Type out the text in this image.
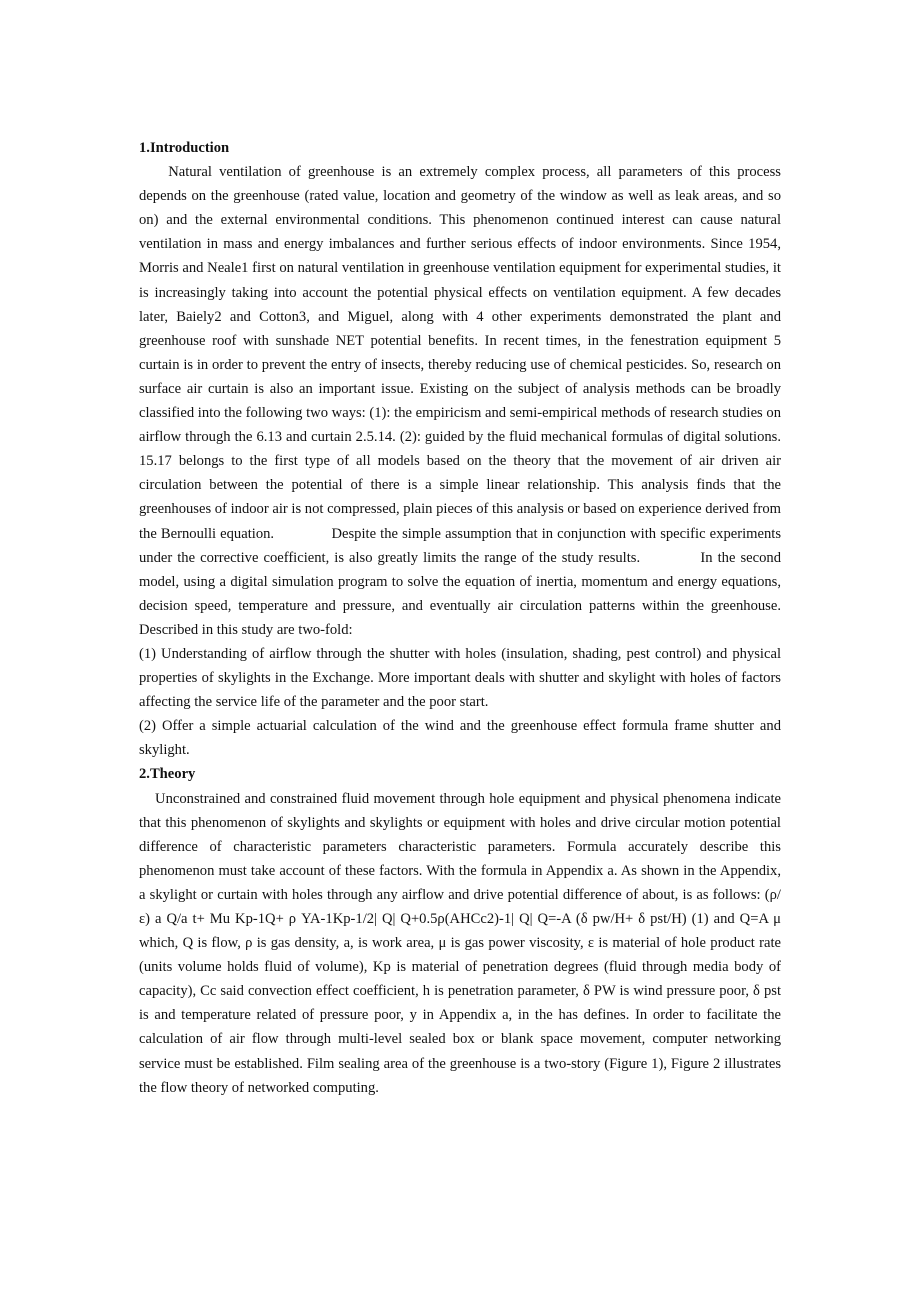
1.Introduction

Natural ventilation of greenhouse is an extremely complex process, all parameters of this process depends on the greenhouse (rated value, location and geometry of the window as well as leak areas, and so on) and the external environmental conditions. This phenomenon continued interest can cause natural ventilation in mass and energy imbalances and further serious effects of indoor environments. Since 1954, Morris and Neale1 first on natural ventilation in greenhouse ventilation equipment for experimental studies, it is increasingly taking into account the potential physical effects on ventilation equipment. A few decades later, Baiely2 and Cotton3, and Miguel, along with 4 other experiments demonstrated the plant and greenhouse roof with sunshade NET potential benefits. In recent times, in the fenestration equipment 5 curtain is in order to prevent the entry of insects, thereby reducing use of chemical pesticides. So, research on surface air curtain is also an important issue. Existing on the subject of analysis methods can be broadly classified into the following two ways: (1): the empiricism and semi-empirical methods of research studies on airflow through the 6.13 and curtain 2.5.14. (2): guided by the fluid mechanical formulas of digital solutions. 15.17 belongs to the first type of all models based on the theory that the movement of air driven air circulation between the potential of there is a simple linear relationship. This analysis finds that the greenhouses of indoor air is not compressed, plain pieces of this analysis or based on experience derived from the Bernoulli equation.              Despite the simple assumption that in conjunction with specific experiments under the corrective coefficient, is also greatly limits the range of the study results.            In the second model, using a digital simulation program to solve the equation of inertia, momentum and energy equations, decision speed, temperature and pressure, and eventually air circulation patterns within the greenhouse. Described in this study are two-fold:

(1) Understanding of airflow through the shutter with holes (insulation, shading, pest control) and physical properties of skylights in the Exchange. More important deals with shutter and skylight with holes of factors affecting the service life of the parameter and the poor start.

(2) Offer a simple actuarial calculation of the wind and the greenhouse effect formula frame shutter and skylight.

2.Theory

Unconstrained and constrained fluid movement through hole equipment and physical phenomena indicate that this phenomenon of skylights and skylights or equipment with holes and drive circular motion potential difference of characteristic parameters characteristic parameters. Formula accurately describe this phenomenon must take account of these factors. With the formula in Appendix a. As shown in the Appendix, a skylight or curtain with holes through any airflow and drive potential difference of about, is as follows: (ρ/ε) a Q/a t+ Mu Kp-1Q+ ρ YA-1Kp-1/2| Q| Q+0.5ρ(AHCc2)-1| Q| Q=-A (δ pw/H+ δ pst/H) (1) and Q=A μ which, Q is flow, ρ is gas density, a, is work area, μ is gas power viscosity, ε is material of hole product rate (units volume holds fluid of volume), Kp is material of penetration degrees (fluid through media body of capacity), Cc said convection effect coefficient, h is penetration parameter, δ PW is wind pressure poor, δ pst is and temperature related of pressure poor, y in Appendix a, in the has defines. In order to facilitate the calculation of air flow through multi-level sealed box or blank space movement, computer networking service must be established. Film sealing area of the greenhouse is a two-story (Figure 1), Figure 2 illustrates the flow theory of networked computing.
